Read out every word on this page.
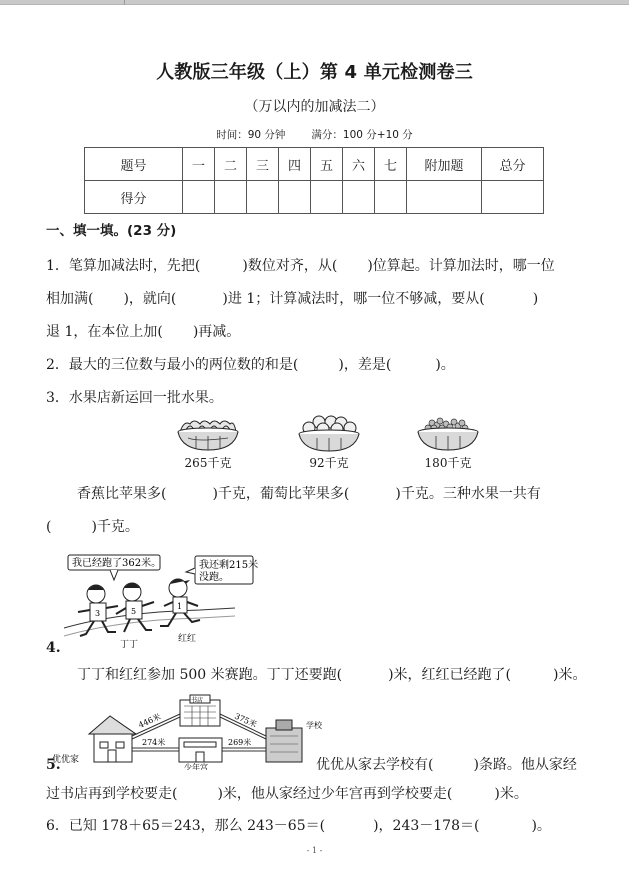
人教版三年级（上）第 4 单元检测卷三
（万以内的加减法二）
时间：90 分钟 满分：100 分+10 分
题号	一	二	三	四	五	六	七	附加题	总分
得分									
一、填一填。(23 分)
1．笔算加减法时，先把(	)数位对齐，从( )位算起。计算加法时，哪一位
相加满( )，就向(	)进 1；计算减法时，哪一位不够减，要从(	)
退 1，在本位上加( )再减。
2．最大的三位数与最小的两位数的和是(	)，差是(	)。
3．水果店新运回一批水果。
265千克	92千克	180千克
香蕉比苹果多(	)千克，葡萄比苹果多(	)千克。三种水果一共有
(	)千克。
我已经跑了362米。	我还剩215米
没跑。
3	5
1
丁丁
红红
4.
丁丁和红红参加 500 米赛跑。丁丁还要跑(	)米，红红已经跑了(	)米。
优优家
书店
少年宫
学校
446米	375米
274米	269米
5.	优优从家去学校有(	)条路。他从家经
过书店再到学校要走(	)米，他从家经过少年宫再到学校要走(	)米。
6．已知 178＋65＝243，那么 243－65＝(	)，243－178＝(	)。
- 1 -
